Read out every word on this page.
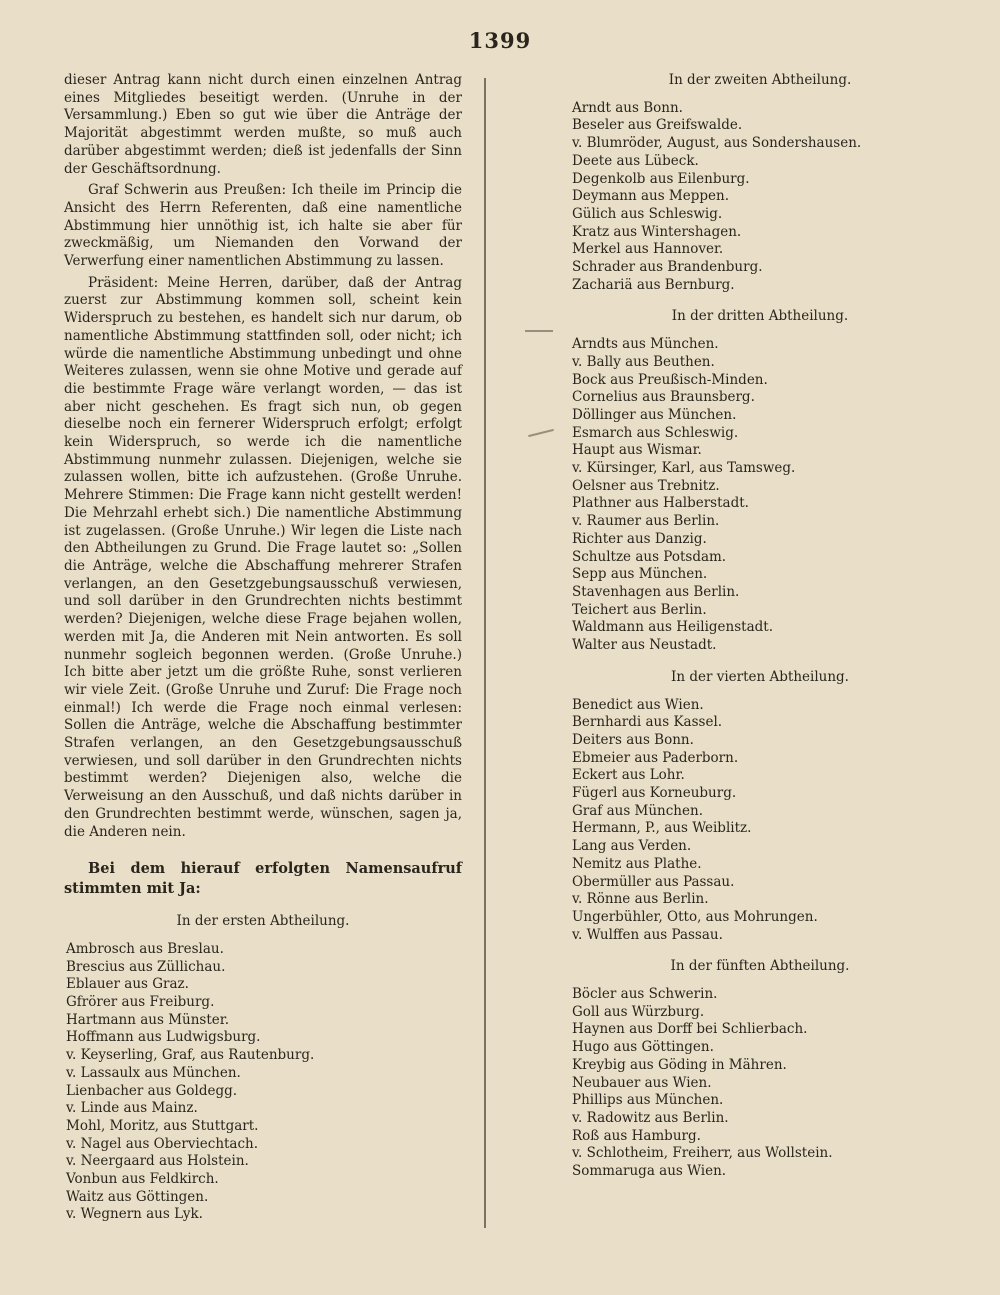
1399

dieser Antrag kann nicht durch einen einzelnen Antrag eines Mitgliedes beseitigt werden. (Unruhe in der Versammlung.) Eben so gut wie über die Anträge der Majorität abgestimmt werden mußte, so muß auch darüber abgestimmt werden; dieß ist jedenfalls der Sinn der Geschäftsordnung.

Graf Schwerin aus Preußen: Ich theile im Princip die Ansicht des Herrn Referenten, daß eine namentliche Abstimmung hier unnöthig ist, ich halte sie aber für zweckmäßig, um Niemanden den Vorwand der Verwerfung einer namentlichen Abstimmung zu lassen.

Präsident: Meine Herren, darüber, daß der Antrag zuerst zur Abstimmung kommen soll, scheint kein Widerspruch zu bestehen, es handelt sich nur darum, ob namentliche Abstimmung stattfinden soll, oder nicht; ich würde die namentliche Abstimmung unbedingt und ohne Weiteres zulassen, wenn sie ohne Motive und gerade auf die bestimmte Frage wäre verlangt worden, — das ist aber nicht geschehen. Es fragt sich nun, ob gegen dieselbe noch ein fernerer Widerspruch erfolgt; erfolgt kein Widerspruch, so werde ich die namentliche Abstimmung nunmehr zulassen. Diejenigen, welche sie zulassen wollen, bitte ich aufzustehen. (Große Unruhe. Mehrere Stimmen: Die Frage kann nicht gestellt werden! Die Mehrzahl erhebt sich.) Die namentliche Abstimmung ist zugelassen. (Große Unruhe.) Wir legen die Liste nach den Abtheilungen zu Grund. Die Frage lautet so: „Sollen die Anträge, welche die Abschaffung mehrerer Strafen verlangen, an den Gesetzgebungsausschuß verwiesen, und soll darüber in den Grundrechten nichts bestimmt werden? Diejenigen, welche diese Frage bejahen wollen, werden mit Ja, die Anderen mit Nein antworten. Es soll nunmehr sogleich begonnen werden. (Große Unruhe.) Ich bitte aber jetzt um die größte Ruhe, sonst verlieren wir viele Zeit. (Große Unruhe und Zuruf: Die Frage noch einmal!) Ich werde die Frage noch einmal verlesen: Sollen die Anträge, welche die Abschaffung bestimmter Strafen verlangen, an den Gesetzgebungsausschuß verwiesen, und soll darüber in den Grundrechten nichts bestimmt werden? Diejenigen also, welche die Verweisung an den Ausschuß, und daß nichts darüber in den Grundrechten bestimmt werde, wünschen, sagen ja, die Anderen nein.

Bei dem hierauf erfolgten Namensaufruf stimmten mit Ja:

In der ersten Abtheilung.
Ambrosch aus Breslau.
Brescius aus Züllichau.
Eblauer aus Graz.
Gfrörer aus Freiburg.
Hartmann aus Münster.
Hoffmann aus Ludwigsburg.
v. Keyserling, Graf, aus Rautenburg.
v. Lassaulx aus München.
Lienbacher aus Goldegg.
v. Linde aus Mainz.
Mohl, Moritz, aus Stuttgart.
v. Nagel aus Oberviechtach.
v. Neergaard aus Holstein.
Vonbun aus Feldkirch.
Waitz aus Göttingen.
v. Wegnern aus Lyk.
In der zweiten Abtheilung.
Arndt aus Bonn.
Beseler aus Greifswalde.
v. Blumröder, August, aus Sondershausen.
Deete aus Lübeck.
Degenkolb aus Eilenburg.
Deymann aus Meppen.
Gülich aus Schleswig.
Kratz aus Wintershagen.
Merkel aus Hannover.
Schrader aus Brandenburg.
Zachariä aus Bernburg.
In der dritten Abtheilung.
Arndts aus München.
v. Bally aus Beuthen.
Bock aus Preußisch-Minden.
Cornelius aus Braunsberg.
Döllinger aus München.
Esmarch aus Schleswig.
Haupt aus Wismar.
v. Kürsinger, Karl, aus Tamsweg.
Oelsner aus Trebnitz.
Plathner aus Halberstadt.
v. Raumer aus Berlin.
Richter aus Danzig.
Schultze aus Potsdam.
Sepp aus München.
Stavenhagen aus Berlin.
Teichert aus Berlin.
Waldmann aus Heiligenstadt.
Walter aus Neustadt.
In der vierten Abtheilung.
Benedict aus Wien.
Bernhardi aus Kassel.
Deiters aus Bonn.
Ebmeier aus Paderborn.
Eckert aus Lohr.
Fügerl aus Korneuburg.
Graf aus München.
Hermann, P., aus Weiblitz.
Lang aus Verden.
Nemitz aus Plathe.
Obermüller aus Passau.
v. Rönne aus Berlin.
Ungerbühler, Otto, aus Mohrungen.
v. Wulffen aus Passau.
In der fünften Abtheilung.
Böcler aus Schwerin.
Goll aus Würzburg.
Haynen aus Dorff bei Schlierbach.
Hugo aus Göttingen.
Kreybig aus Göding in Mähren.
Neubauer aus Wien.
Phillips aus München.
v. Radowitz aus Berlin.
Roß aus Hamburg.
v. Schlotheim, Freiherr, aus Wollstein.
Sommaruga aus Wien.
